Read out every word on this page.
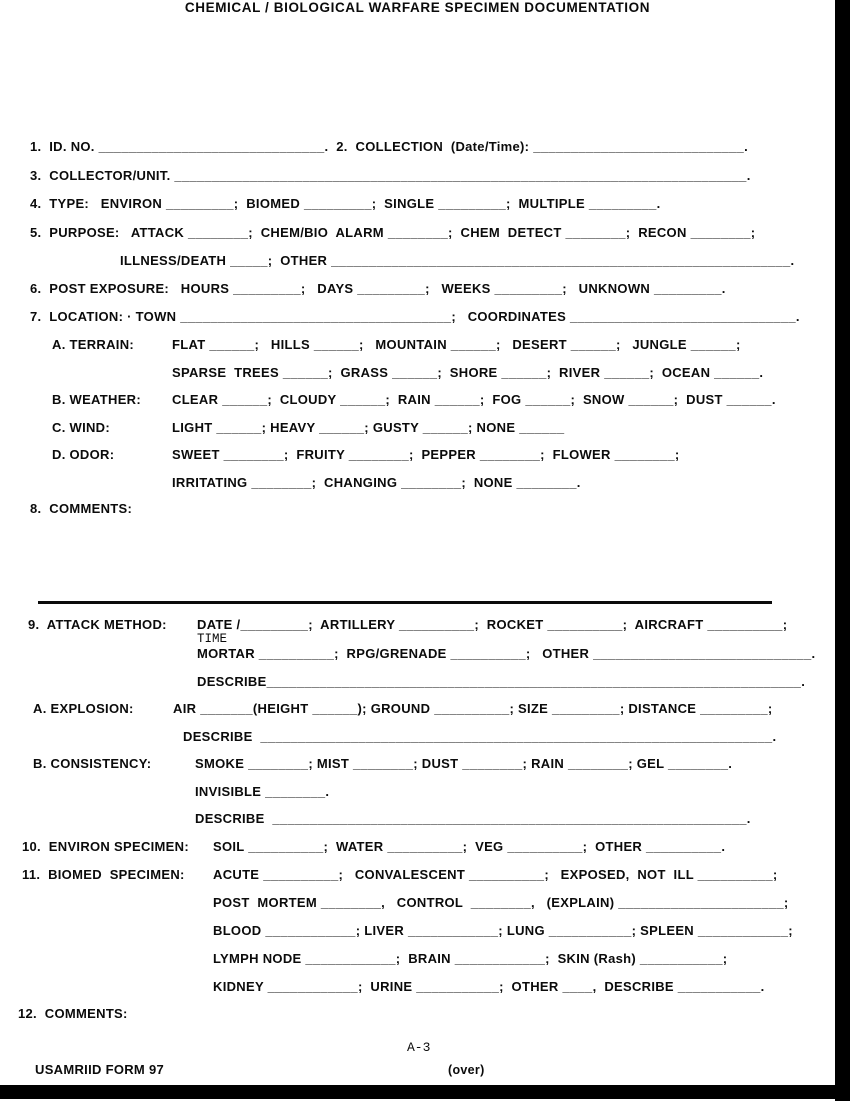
CHEMICAL / BIOLOGICAL WARFARE SPECIMEN DOCUMENTATION
1.  ID. NO. ______________________________.  2.  COLLECTION  (Date/Time): ____________________________.
3.  COLLECTOR/UNIT. ____________________________________________________________________________.
4.  TYPE:   ENVIRON _________;  BIOMED _________;  SINGLE _________;  MULTIPLE _________.
5.  PURPOSE:   ATTACK ________;  CHEM/BIO  ALARM ________;  CHEM  DETECT ________;  RECON ________;
ILLNESS/DEATH _____;  OTHER _____________________________________________________________.
6.  POST EXPOSURE:   HOURS _________;   DAYS _________;   WEEKS _________;   UNKNOWN _________.
7.  LOCATION: · TOWN ____________________________________;   COORDINATES ______________________________.
A. TERRAIN:	FLAT ______;   HILLS ______;   MOUNTAIN ______;   DESERT ______;   JUNGLE ______;
SPARSE  TREES ______;  GRASS ______;  SHORE ______;  RIVER ______;  OCEAN ______.
B. WEATHER: CLEAR ______;  CLOUDY ______;  RAIN ______;  FOG ______;  SNOW ______;  DUST ______.
C. WIND:	LIGHT ______; HEAVY ______; GUSTY ______; NONE ______
D. ODOR:	SWEET ________;  FRUITY ________;  PEPPER ________;  FLOWER ________;
IRRITATING ________;  CHANGING ________;  NONE ________.
8.  COMMENTS:
9.  ATTACK METHOD: DATE /_________;  ARTILLERY __________;  ROCKET __________;  AIRCRAFT __________;
TIME
MORTAR __________;  RPG/GRENADE __________;   OTHER _____________________________.
DESCRIBE_______________________________________________________________________.
A. EXPLOSION:	AIR _______(HEIGHT ______); GROUND __________; SIZE _________; DISTANCE _________;
DESCRIBE  ____________________________________________________________________.
B. CONSISTENCY:	SMOKE ________; MIST ________; DUST ________; RAIN ________; GEL ________.
INVISIBLE ________.
DESCRIBE  _______________________________________________________________.
10.  ENVIRON SPECIMEN: SOIL __________;  WATER __________;  VEG __________;  OTHER __________.
11.  BIOMED  SPECIMEN: ACUTE __________;   CONVALESCENT __________;   EXPOSED,  NOT  ILL __________;
POST  MORTEM ________,   CONTROL  ________,   (EXPLAIN) ______________________;
BLOOD ____________; LIVER ____________; LUNG ___________; SPLEEN ____________;
LYMPH NODE ____________;  BRAIN ____________;  SKIN (Rash) ___________;
KIDNEY ____________;  URINE ___________;  OTHER ____,  DESCRIBE ___________.
12.  COMMENTS:
A-3
USAMRIID FORM 97	(over)
